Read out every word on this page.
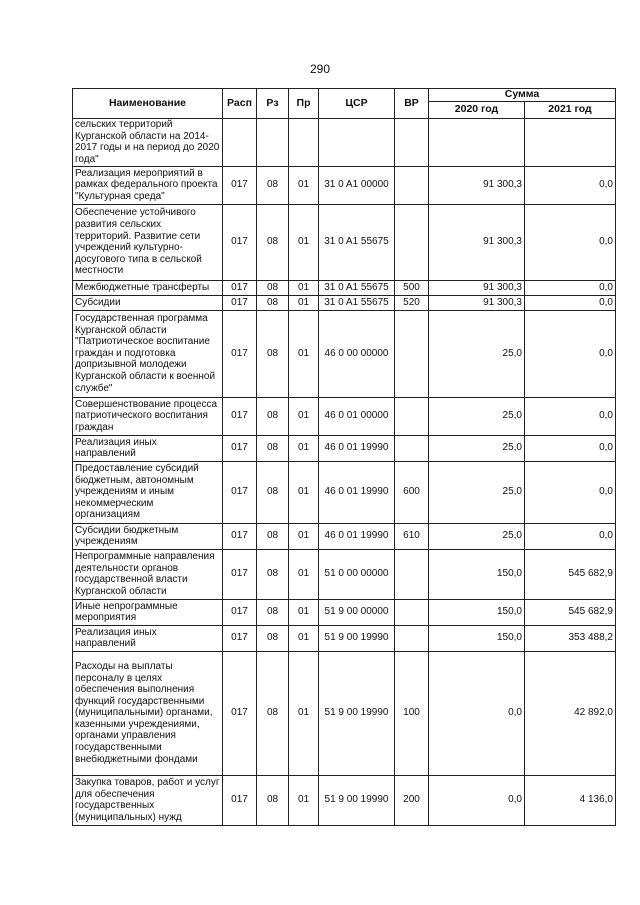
290
Наименование	Расп	Рз	Пр	ЦСР	ВР	Сумма	
						2020 год	2021 год
сельских территорий Курганской области на 2014-2017 годы и на период до 2020 года"							
Реализация мероприятий в рамках федерального проекта "Культурная среда"	017	08	01	31 0 A1 00000		91 300,3	0,0
Обеспечение устойчивого развития сельских территорий. Развитие сети учреждений культурно-досугового типа в сельской местности	017	08	01	31 0 A1 55675		91 300,3	0,0
Межбюджетные трансферты	017	08	01	31 0 A1 55675	500	91 300,3	0,0
Субсидии	017	08	01	31 0 A1 55675	520	91 300,3	0,0
Государственная программа Курганской области "Патриотическое воспитание граждан и подготовка допризывной молодежи Курганской области к военной службе"	017	08	01	46 0 00 00000		25,0	0,0
Совершенствование процесса патриотического воспитания граждан	017	08	01	46 0 01 00000		25,0	0,0
Реализация иных направлений	017	08	01	46 0 01 19990		25,0	0,0
Предоставление субсидий бюджетным, автономным учреждениям и иным некоммерческим организациям	017	08	01	46 0 01 19990	600	25,0	0,0
Субсидии бюджетным учреждениям	017	08	01	46 0 01 19990	610	25,0	0,0
Непрограммные направления деятельности органов государственной власти Курганской области	017	08	01	51 0 00 00000		150,0	545 682,9
Иные непрограммные мероприятия	017	08	01	51 9 00 00000		150,0	545 682,9
Реализация иных направлений	017	08	01	51 9 00 19990		150,0	353 488,2
Расходы на выплаты персоналу в целях обеспечения выполнения функций государственными (муниципальными) органами, казенными учреждениями, органами управления государственными внебюджетными фондами	017	08	01	51 9 00 19990	100	0,0	42 892,0
Закупка товаров, работ и услуг для обеспечения государственных (муниципальных) нужд	017	08	01	51 9 00 19990	200	0,0	4 136,0
